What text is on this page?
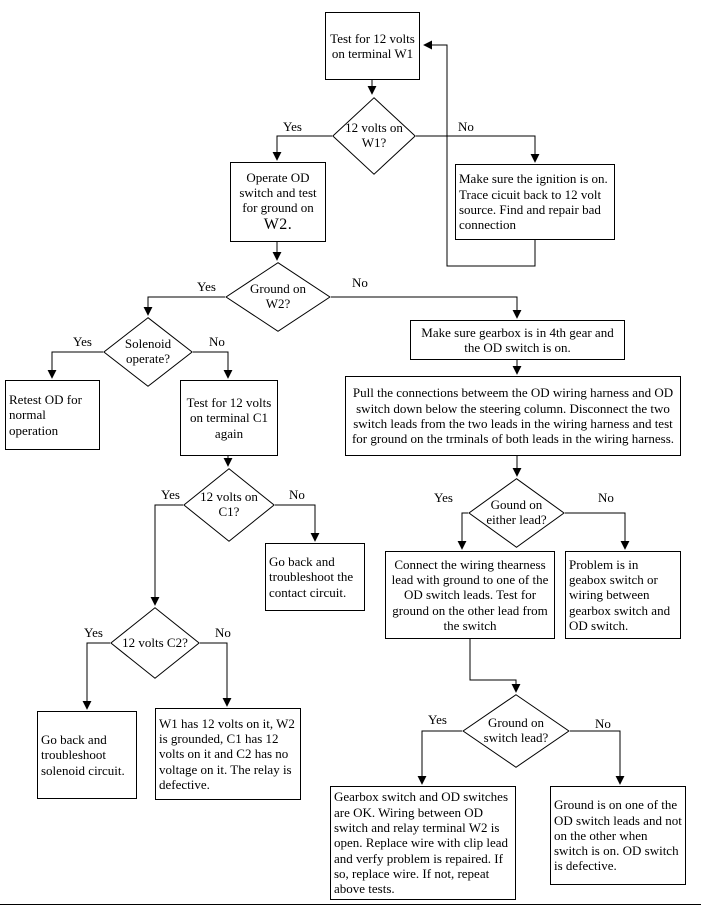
Test for 12 volts on terminal W1
Operate OD switch and test for ground on
W2.
Make sure the ignition is on. Trace cicuit back to 12 volt source. Find and repair bad connection
Retest OD for normal operation
Test for 12 volts on terminal C1 again
Go back and troubleshoot the contact circuit.
Go back and troubleshoot solenoid circuit.
W1 has 12 volts on it, W2 is grounded, C1 has 12 volts on it and C2 has no voltage on it. The relay is defective.
Make sure gearbox is in 4th gear and the OD switch is on.
Pull the connections betweem the OD wiring harness and OD switch down below the steering column. Disconnect the two switch leads from the two leads in the wiring harness and test for ground on the trminals of both leads in the wiring harness.
Connect the wiring thearness lead with ground to one of the OD switch leads. Test for ground on the other lead from the switch
Problem is in geabox switch or wiring between gearbox switch and OD switch.
Gearbox switch and OD switches are OK. Wiring between OD switch and relay terminal W2 is open. Replace wire with clip lead and verfy problem is repaired. If so, replace wire. If not, repeat above tests.
Ground is on one of the OD switch leads and not on the other when switch is on. OD switch is defective.
12 volts on W1?
Ground on W2?
Solenoid operate?
12 volts on C1?
12 volts C2?
Gound on either lead?
Ground on switch lead?
Yes	No
Yes	No
Yes	No
Yes	No
Yes	No
Yes	No
Yes	No
